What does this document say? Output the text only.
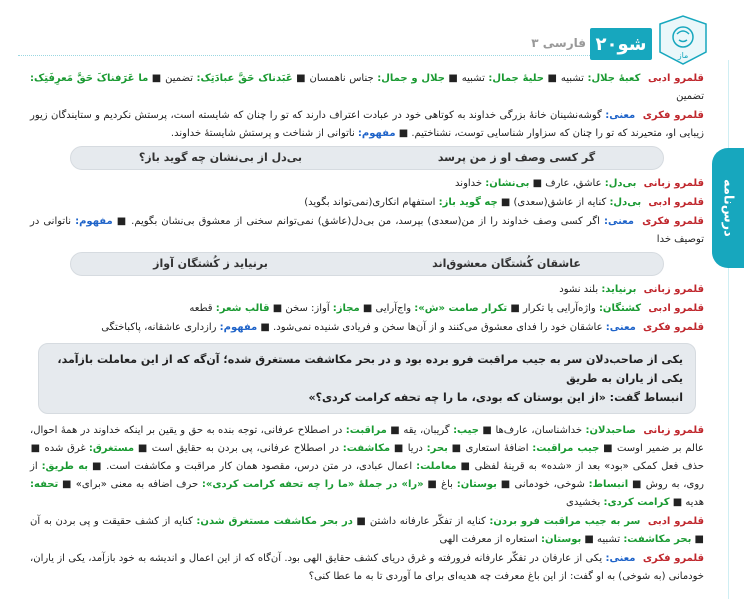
ماز
۲۰شو
فارسی ۳
درس‌نامه
قلمرو ادبی کعبهٔ جلال: تشبیه ■ حلیهٔ جمال: تشبیه ■ جلال و جمال: جناس ناهمسان ■ عَبَدناک حَقَّ عبادَتِک: تضمین ■ ما عَرَفناکَ حَقَّ مَعرِفَتِک: تضمین
قلمرو فکری معنی: گوشه‌نشینان خانهٔ بزرگی خداوند به کوتاهی خود در عبادت اعتراف دارند که تو را چنان که شایسته است، پرستش نکردیم و ستایندگان زیور زیبایی او، متحیرند که تو را چنان که سزاوار شناسایی توست، نشناختیم. ■ مفهوم: ناتوانی از شناخت و پرستش شایستهٔ خداوند.
گر کسی وصف او ز من پرسد
بی‌دل از بی‌نشان چه گوید باز؟
قلمرو زبانی بی‌دل: عاشق، عارف ■ بی‌نشان: خداوند
قلمرو ادبی بی‌دل: کنایه از عاشق(سعدی) ■ چه گوید باز: استفهام انکاری(نمی‌تواند بگوید)
قلمرو فکری معنی: اگر کسی وصف خداوند را از من(سعدی) بپرسد، من بی‌دل(عاشق) نمی‌توانم سخنی از معشوق بی‌نشان بگویم. ■ مفهوم: ناتوانی در توصیف خدا
عاشقان کُشتگان معشوق‌اند
برنیاید ز کُشتگان آواز
قلمرو زبانی برنیاید: بلند نشود
قلمرو ادبی کشتگان: واژه‌آرایی یا تکرار ■ تکرار صامت «ش»: واج‌آرایی ■ مجاز: آواز: سخن ■ قالب شعر: قطعه
قلمرو فکری معنی: عاشقان خود را فدای معشوق می‌کنند و از آن‌ها سخن و فریادی شنیده نمی‌شود. ■ مفهوم: رازداری عاشقانه، پاکباختگی
یکی از صاحب‌دلان سر به جیب مراقبت فرو برده بود و در بحر مکاشفت مستغرق شده؛ آن‌گه که از این معاملت بازآمد، یکی از یاران به طریق
انبساط گفت: «از این بوستان که بودی، ما را چه تحفه کرامت کردی؟»
قلمرو زبانی صاحبدلان: خداشناسان، عارف‌ها ■ جیب: گریبان، یقه ■ مراقبت: در اصطلاح عرفانی، توجه بنده به حق و یقین بر اینکه خداوند در همهٔ احوال، عالم بر ضمیر اوست ■ جیب مراقبت: اضافهٔ استعاری ■ بحر: دریا ■ مکاشفت: در اصطلاح عرفانی، پی بردن به حقایق است ■ مستغرق: غرق شده ■ حذف فعل کمکی «بود» بعد از «شده» به قرینهٔ لفظی ■ معاملت: اعمال عبادی، در متن درس، مقصود همان کار مراقبت و مکاشفت است. ■ به طریق: از روی، به روش ■ انبساط: شوخی، خودمانی ■ بوستان: باغ ■ «را» در جملهٔ «ما را چه تحفه کرامت کردی»: حرف اضافه به معنی «برای» ■ تحفه: هدیه ■ کرامت کردی: بخشیدی
قلمرو ادبی سر به جیب مراقبت فرو بردن: کنایه از تفکّر عارفانه داشتن ■ در بحر مکاشفت مستغرق شدن: کنایه از کشف حقیقت و پی بردن به آن ■ بحر مکاشفت: تشبیه ■ بوستان: استعاره از معرفت الهی
قلمرو فکری معنی: یکی از عارفان در تفکّر عارفانه فرورفته و غرق دریای کشف حقایق الهی بود. آن‌گاه که از این اعمال و اندیشه به خود بازآمد، یکی از یاران، خودمانی (به شوخی) به او گفت: از این باغ معرفت چه هدیه‌ای برای ما آوردی تا به ما عطا کنی؟
